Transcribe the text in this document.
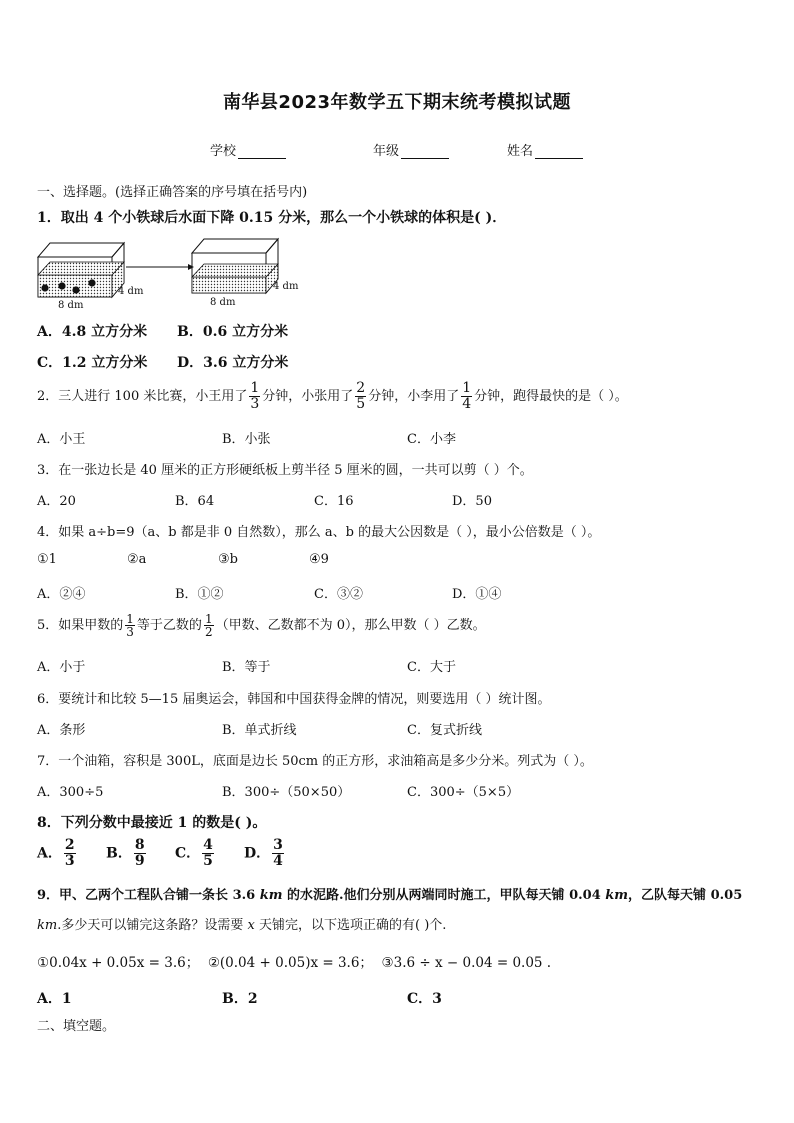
南华县2023年数学五下期末统考模拟试题
学校	年级	姓名
一、选择题。(选择正确答案的序号填在括号内)
1．取出 4 个小铁球后水面下降 0.15 分米，那么一个小铁球的体积是( )．
8 dm
4 dm
8 dm
4 dm
A．4.8 立方分米 B．0.6 立方分米
C．1.2 立方分米 D．3.6 立方分米
2．三人进行 100 米比赛，小王用了 $\frac{1}{3}$ 分钟，小张用了 $\frac{2}{5}$ 分钟，小李用了 $\frac{1}{4}$ 分钟，跑得最快的是（ ）。
A．小王	B．小张	C．小李
3．在一张边长是 40 厘米的正方形硬纸板上剪半径 5 厘米的圆，一共可以剪（ ）个。
A．20	B．64	C．16	D．50
4．如果 a÷b=9（a、b 都是非 0 自然数），那么 a、b 的最大公因数是（ ），最小公倍数是（ ）。
①1	②a	③b	④9
A．②④	B．①②	C．③②	D．①④
5．如果甲数的 $\frac{1}{3}$ 等于乙数的 $\frac{1}{2}$ （甲数、乙数都不为 0），那么甲数（ ）乙数。
A．小于	B．等于	C．大于
6．要统计和比较 5—15 届奥运会，韩国和中国获得金牌的情况，则要选用（ ）统计图。
A．条形	B．单式折线	C．复式折线
7．一个油箱，容积是 300L，底面是边长 50cm 的正方形，求油箱高是多少分米。列式为（ ）。
A．300÷5	B．300÷（50×50）	C．300÷（5×5）
8．下列分数中最接近 1 的数是( )。
A． $\frac{2}{3}$ B． $\frac{8}{9}$ C． $\frac{4}{5}$ D． $\frac{3}{4}$
9．甲、乙两个工程队合铺一条长 3.6 km 的水泥路.他们分别从两端同时施工，甲队每天铺 0.04 km，乙队每天铺 0.05
km.多少天可以铺完这条路？设需要 x 天铺完，以下选项正确的有( )个.
①0.04x + 0.05x = 3.6； ②(0.04 + 0.05)x = 3.6； ③3.6 ÷ x − 0.04 = 0.05 .
A．1	B．2	C．3
二、填空题。
